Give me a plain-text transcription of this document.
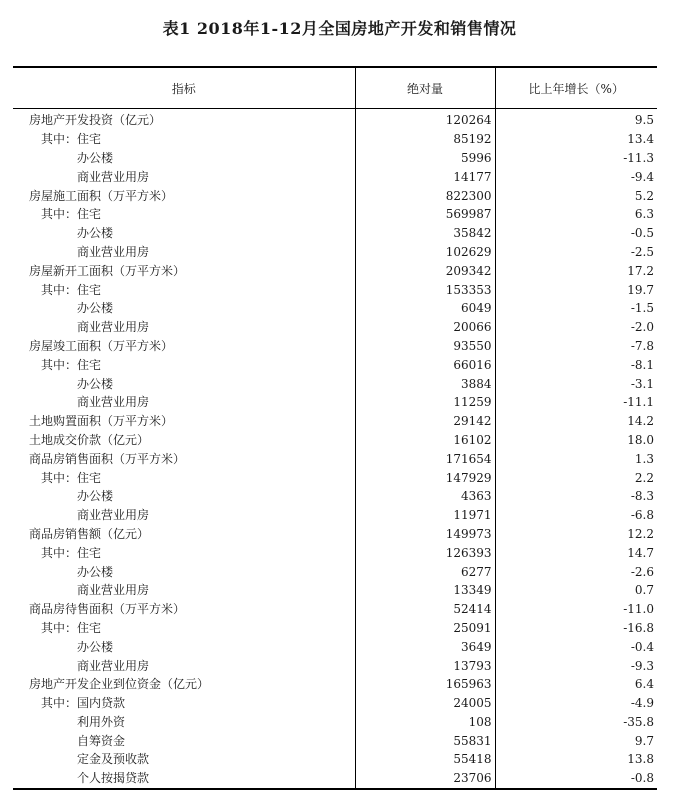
表1 2018年1-12月全国房地产开发和销售情况
指标	绝对量	比上年增长（%）
房地产开发投资（亿元）	120264	9.5
其中：住宅	85192	13.4
办公楼	5996	-11.3
商业营业用房	14177	-9.4
房屋施工面积（万平方米）	822300	5.2
其中：住宅	569987	6.3
办公楼	35842	-0.5
商业营业用房	102629	-2.5
房屋新开工面积（万平方米）	209342	17.2
其中：住宅	153353	19.7
办公楼	6049	-1.5
商业营业用房	20066	-2.0
房屋竣工面积（万平方米）	93550	-7.8
其中：住宅	66016	-8.1
办公楼	3884	-3.1
商业营业用房	11259	-11.1
土地购置面积（万平方米）	29142	14.2
土地成交价款（亿元）	16102	18.0
商品房销售面积（万平方米）	171654	1.3
其中：住宅	147929	2.2
办公楼	4363	-8.3
商业营业用房	11971	-6.8
商品房销售额（亿元）	149973	12.2
其中：住宅	126393	14.7
办公楼	6277	-2.6
商业营业用房	13349	0.7
商品房待售面积（万平方米）	52414	-11.0
其中：住宅	25091	-16.8
办公楼	3649	-0.4
商业营业用房	13793	-9.3
房地产开发企业到位资金（亿元）	165963	6.4
其中：国内贷款	24005	-4.9
利用外资	108	-35.8
自筹资金	55831	9.7
定金及预收款	55418	13.8
个人按揭贷款	23706	-0.8
